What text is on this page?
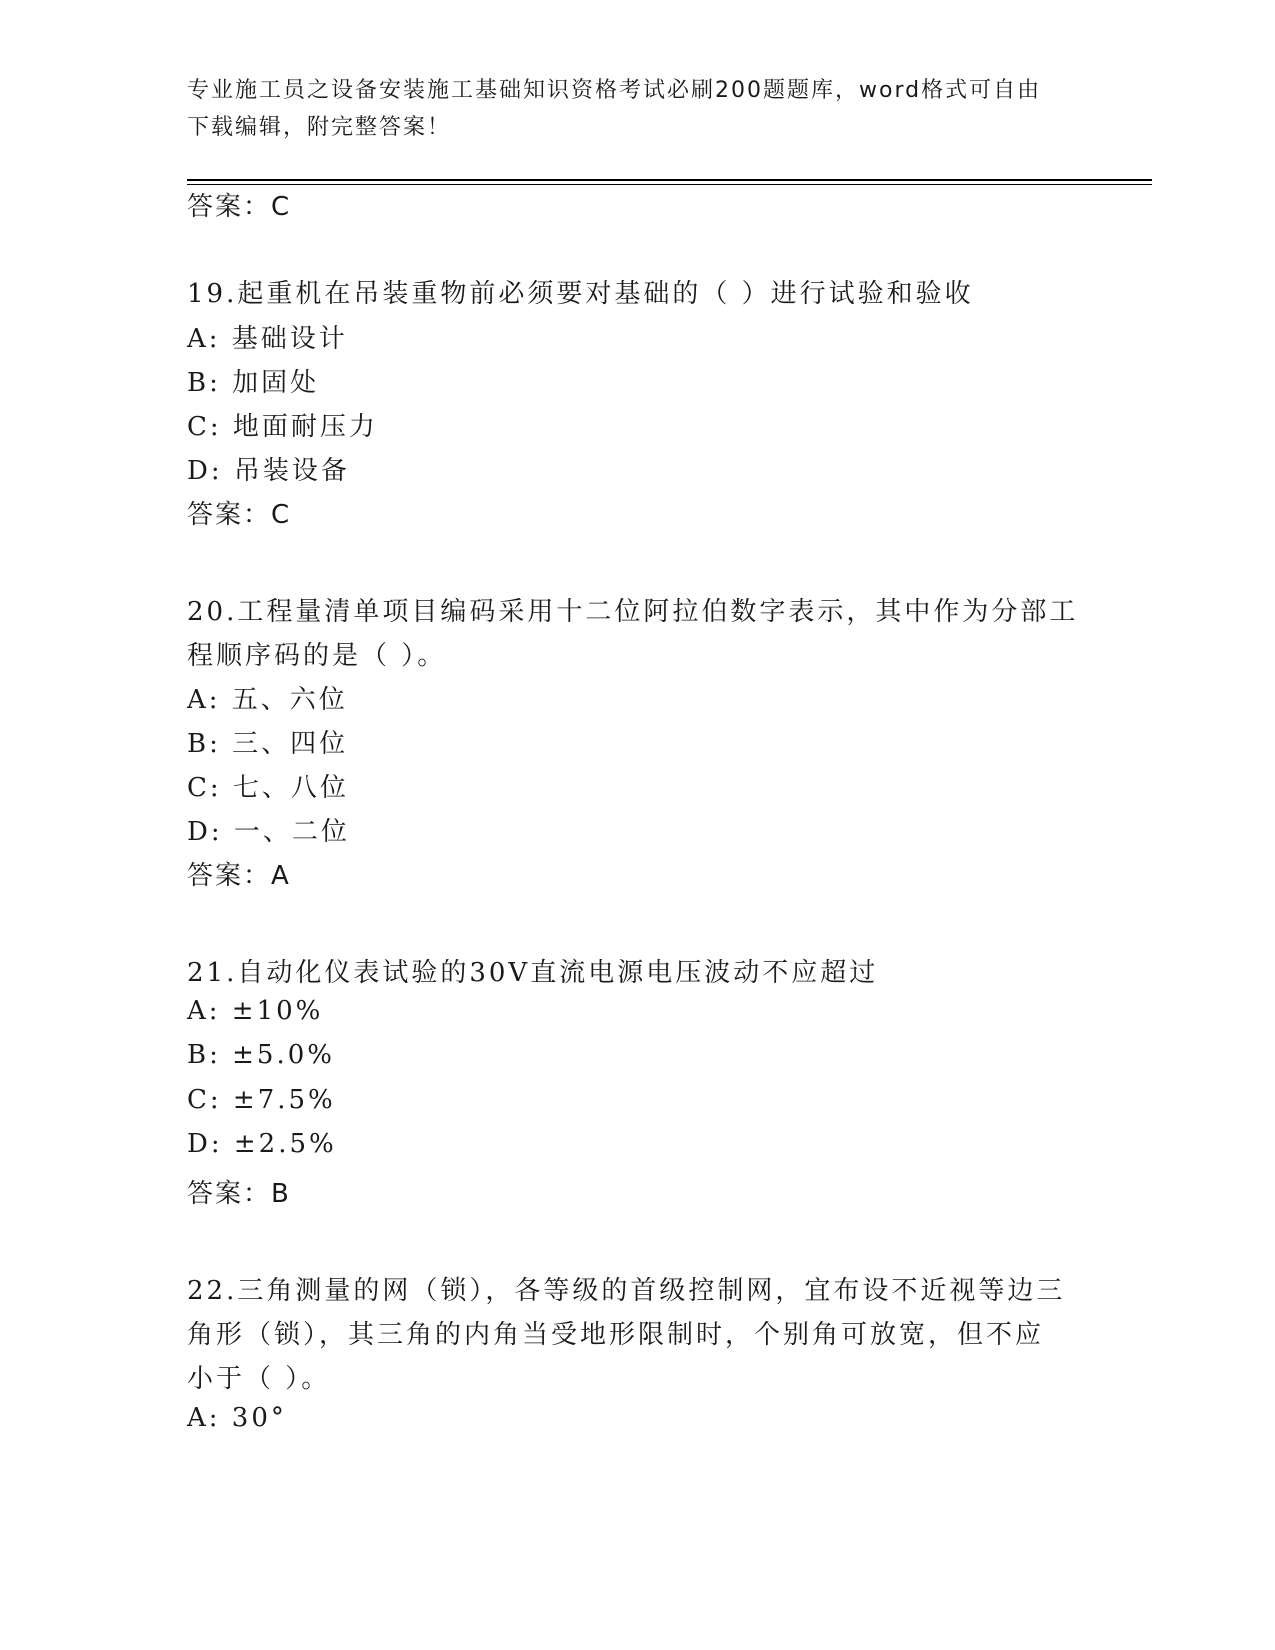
专业施工员之设备安装施工基础知识资格考试必刷200题题库，word格式可自由
下载编辑，附完整答案！
答案：C
19.起重机在吊装重物前必须要对基础的（ ）进行试验和验收
A: 基础设计
B: 加固处
C: 地面耐压力
D: 吊装设备
答案：C
20.工程量清单项目编码采用十二位阿拉伯数字表示，其中作为分部工
程顺序码的是（ ）。
A: 五、六位
B: 三、四位
C: 七、八位
D: 一、二位
答案：A
21.自动化仪表试验的30V直流电源电压波动不应超过
A: ±10%
B: ±5.0%
C: ±7.5%
D: ±2.5%
答案：B
22.三角测量的网（锁），各等级的首级控制网，宜布设不近视等边三
角形（锁），其三角的内角当受地形限制时，个别角可放宽，但不应
小于（ ）。
A: 30°
